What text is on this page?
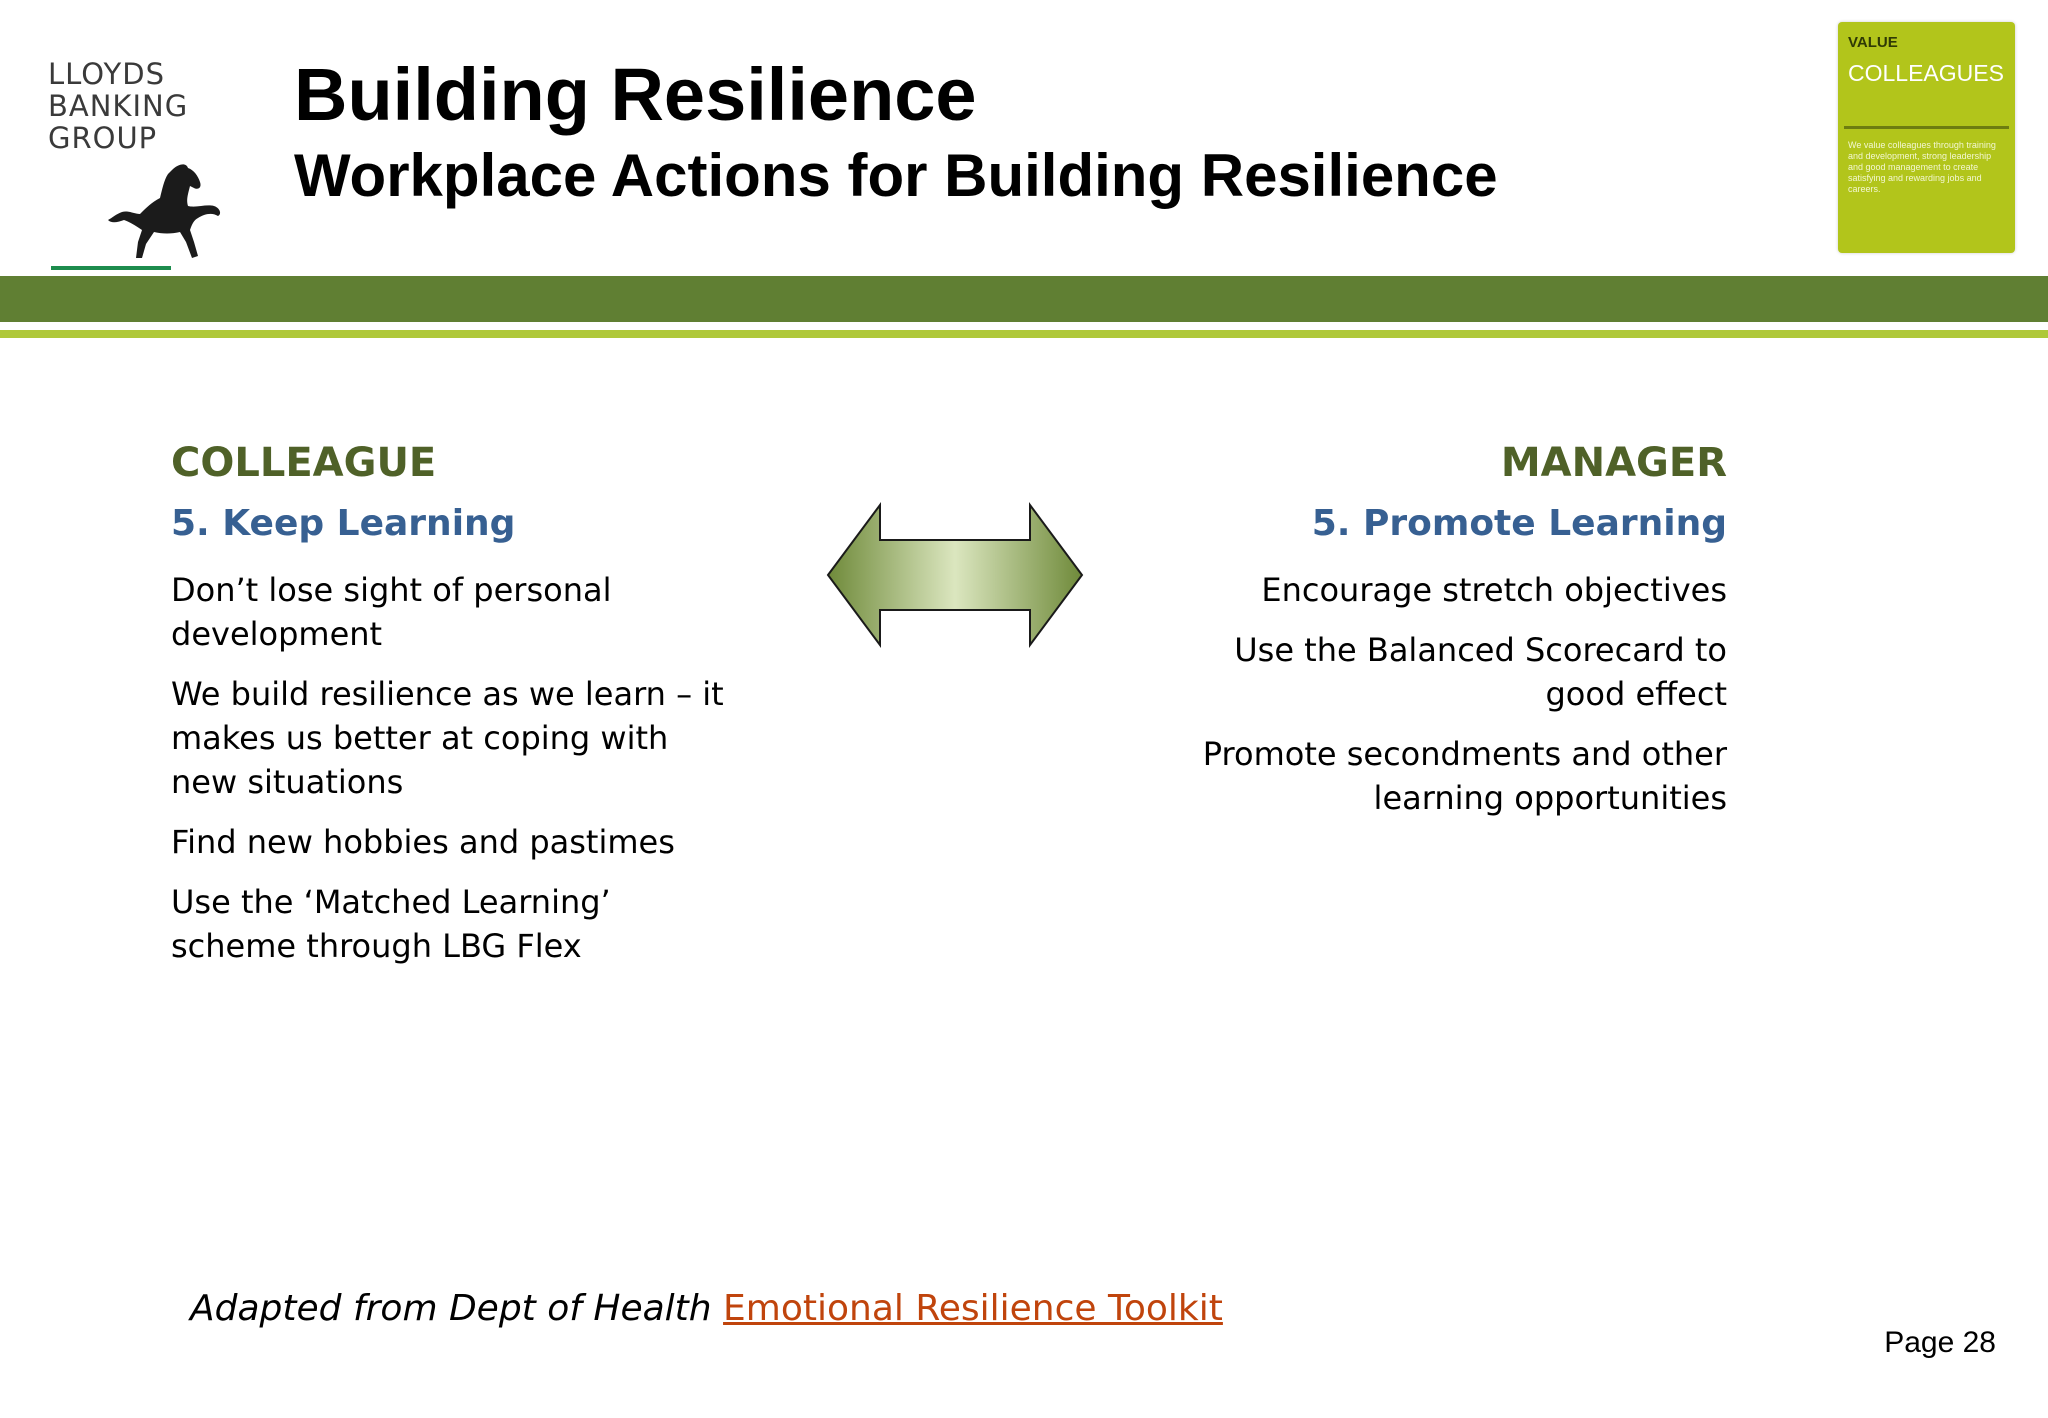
LLOYDS
BANKING
GROUP
Building Resilience
Workplace Actions for Building Resilience
VALUE
COLLEAGUES
We value colleagues through training and development, strong leadership and good management to create satisfying and rewarding jobs and careers.
COLLEAGUE
5. Keep Learning
Don’t lose sight of personal development
We build resilience as we learn – it makes us better at coping with new situations
Find new hobbies and pastimes
Use the ‘Matched Learning’ scheme through LBG Flex
MANAGER
5. Promote Learning
Encourage stretch objectives
Use the Balanced Scorecard to good effect
Promote secondments and other learning opportunities
Adapted from Dept of Health Emotional Resilience Toolkit
Page 28
